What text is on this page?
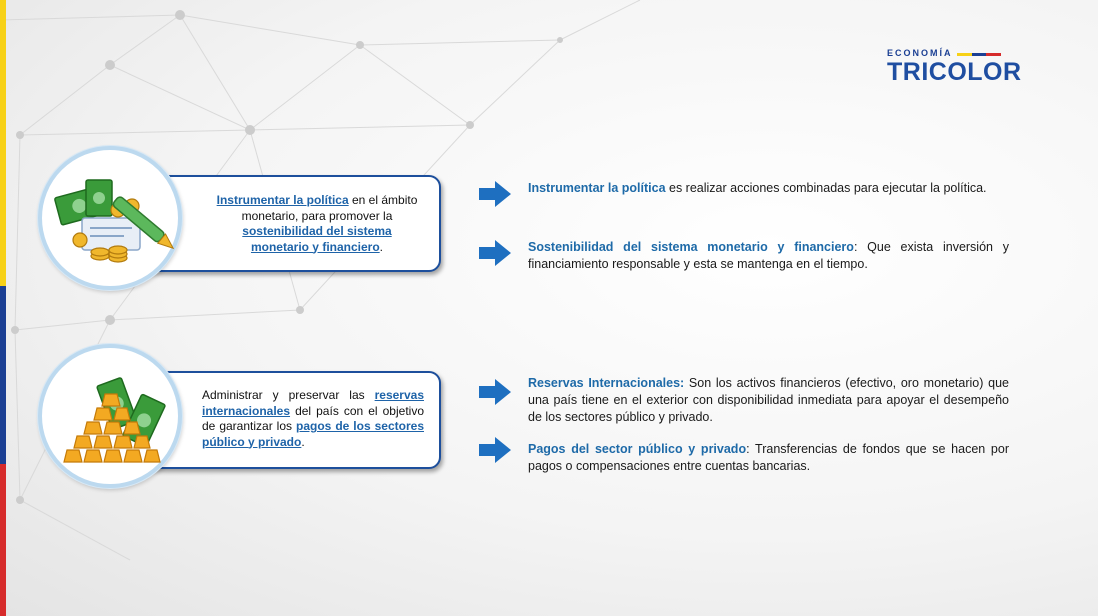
ECONOMÍA
TRICOLOR
Instrumentar la política en el ámbito monetario, para promover la sostenibilidad del sistema monetario y financiero.
Administrar y preservar las reservas internacionales del país con el objetivo de garantizar los pagos de los sectores público y privado.
Instrumentar la política es realizar acciones combinadas para ejecutar la política.
Sostenibilidad del sistema monetario y financiero: Que exista inversión y financiamiento responsable y esta se mantenga en el tiempo.
Reservas Internacionales: Son los activos financieros (efectivo, oro monetario) que una país tiene en el exterior con disponibilidad inmediata para apoyar el desempeño de los sectores público y privado.
Pagos del sector público y privado: Transferencias de fondos que se hacen por pagos o compensaciones entre cuentas bancarias.
